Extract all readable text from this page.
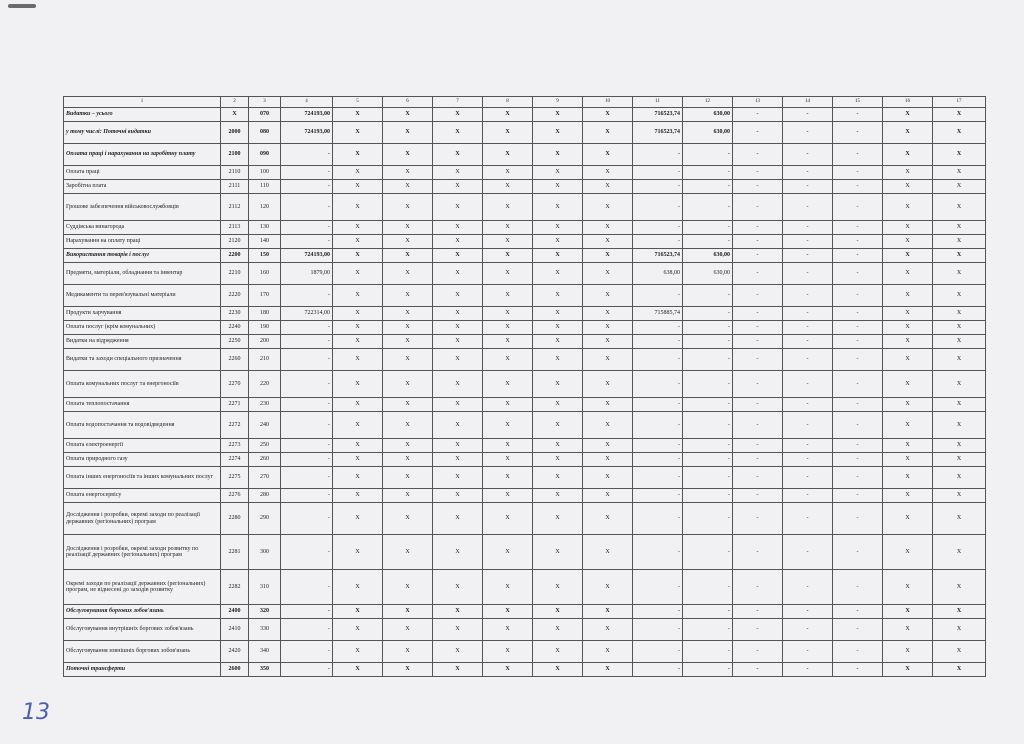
1	2	3	4	5	6	7	8	9	10	11	12	13	14	15	16	17
Видатки – усього	Х	070	724193,00	Х	Х	Х	Х	Х	Х	716523,74	630,00	-	-	-	Х	Х
у тому числі: Поточні видатки	2000	080	724193,00	Х	Х	Х	Х	Х	Х	716523,74	630,00	-	-	-	Х	Х
Оплата праці і нарахування на заробітну плату	2100	090	-	Х	Х	Х	Х	Х	Х	-	-	-	-	-	Х	Х
Оплата праці	2110	100	-	Х	Х	Х	Х	Х	Х	-	-	-	-	-	Х	Х
Заробітна плата	2111	110	-	Х	Х	Х	Х	Х	Х	-	-	-	-	-	Х	Х
Грошове забезпечення військовослужбовців	2112	120	-	Х	Х	Х	Х	Х	Х	-	-	-	-	-	Х	Х
Суддівська винагорода	2113	130	-	Х	Х	Х	Х	Х	Х	-	-	-	-	-	Х	Х
Нарахування на оплату праці	2120	140	-	Х	Х	Х	Х	Х	Х	-	-	-	-	-	Х	Х
Використання товарів і послуг	2200	150	724193,00	Х	Х	Х	Х	Х	Х	716523,74	630,00	-	-	-	Х	Х
Предмети, матеріали, обладнання та інвентар	2210	160	1879,00	Х	Х	Х	Х	Х	Х	638,00	630,00	-	-	-	Х	Х
Медикаменти та перев'язувальні матеріали	2220	170	-	Х	Х	Х	Х	Х	Х	-	-	-	-	-	Х	Х
Продукти харчування	2230	180	722314,00	Х	Х	Х	Х	Х	Х	715885,74	-	-	-	-	Х	Х
Оплата послуг (крім комунальних)	2240	190	-	Х	Х	Х	Х	Х	Х	-	-	-	-	-	Х	Х
Видатки на відрядження	2250	200	-	Х	Х	Х	Х	Х	Х	-	-	-	-	-	Х	Х
Видатки та заходи спеціального призначення	2260	210	-	Х	Х	Х	Х	Х	Х	-	-	-	-	-	Х	Х
Оплата комунальних послуг та енергоносіїв	2270	220	-	Х	Х	Х	Х	Х	Х	-	-	-	-	-	Х	Х
Оплата теплопостачання	2271	230	-	Х	Х	Х	Х	Х	Х	-	-	-	-	-	Х	Х
Оплата водопостачання та водовідведення	2272	240	-	Х	Х	Х	Х	Х	Х	-	-	-	-	-	Х	Х
Оплата електроенергії	2273	250	-	Х	Х	Х	Х	Х	Х	-	-	-	-	-	Х	Х
Оплата природного газу	2274	260	-	Х	Х	Х	Х	Х	Х	-	-	-	-	-	Х	Х
Оплата інших енергоносіїв та інших комунальних послуг	2275	270	-	Х	Х	Х	Х	Х	Х	-	-	-	-	-	Х	Х
Оплата енергосервісу	2276	280	-	Х	Х	Х	Х	Х	Х	-	-	-	-	-	Х	Х
Дослідження і розробки, окремі заходи по реалізації державних (регіональних) програм	2280	290	-	Х	Х	Х	Х	Х	Х	-	-	-	-	-	Х	Х
Дослідження і розробки, окремі заходи розвитку по реалізації державних (регіональних) програм	2281	300	-	Х	Х	Х	Х	Х	Х	-	-	-	-	-	Х	Х
Окремі заходи по реалізації державних (регіональних) програм, не віднесені до заходів розвитку	2282	310	-	Х	Х	Х	Х	Х	Х	-	-	-	-	-	Х	Х
Обслуговування боргових зобов'язань	2400	320	-	Х	Х	Х	Х	Х	Х	-	-	-	-	-	Х	Х
Обслуговування внутрішніх боргових зобов'язань	2410	330	-	Х	Х	Х	Х	Х	Х	-	-	-	-	-	Х	Х
Обслуговування зовнішніх боргових зобов'язань	2420	340	-	Х	Х	Х	Х	Х	Х	-	-	-	-	-	Х	Х
Поточні трансферти	2600	350	-	Х	Х	Х	Х	Х	Х	-	-	-	-	-	Х	Х
13
